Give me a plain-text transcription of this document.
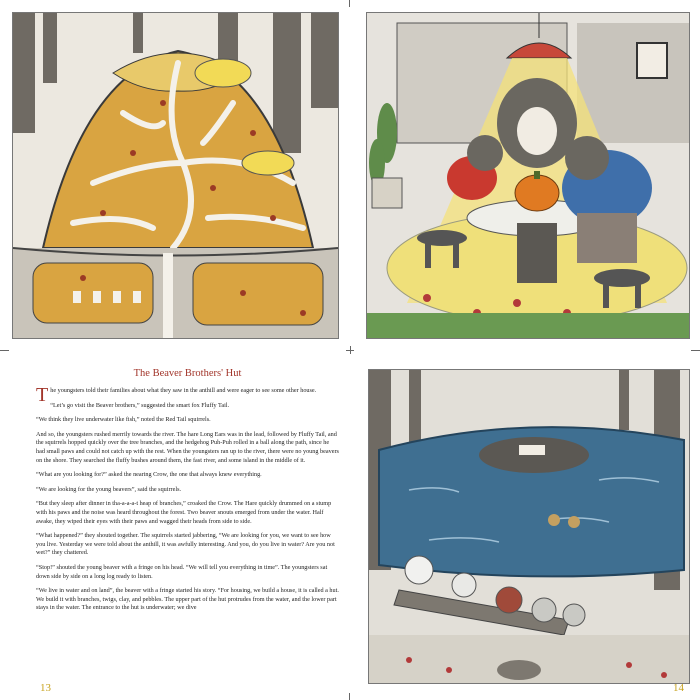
The Beaver Brothers' Hut

The youngsters told their families about what they saw in the anthill and were eager to see some other house.

“Let’s go visit the Beaver brothers,” suggested the smart fox Fluffy Tail.

“We think they live underwater like fish,” noted the Red Tail squirrels.

And so, the youngsters rushed merrily towards the river. The hare Long Ears was in the lead, followed by Fluffy Tail, and the squirrels hopped quickly over the tree branches, and the hedgehog Puh-Puh rolled in a ball along the path, since he had small paws and could not catch up with the rest. When the youngsters ran up to the river, there were no young beavers on the shore. They searched the fluffy bushes around them, the fast river, and some island in the middle of it.

“What are you looking for?” asked the nearing Crow, the one that always knew everything.

“We are looking for the young beavers”, said the squirrels.

“But they sleep after dinner in tha-a-a-a-t heap of branches,” croaked the Crow. The Hare quickly drummed on a stump with his paws and the noise was heard throughout the forest. Two beaver snouts emerged from under the water. Half awake, they wiped their eyes with their paws and wagged their heads from side to side.

“What happened?” they shouted together. The squirrels started jabbering, “We are looking for you, we want to see how you live. Yesterday we were told about the anthill, it was awfully interesting. And you, do you live in water? Are you not wet?” they chattered.

“Stop!” shouted the young beaver with a fringe on his head. “We will tell you everything in time”. The youngsters sat down side by side on a long log ready to listen.

“We live in water and on land”, the beaver with a fringe started his story. “For housing, we build a house, it is called a hut. We build it with branches, twigs, clay, and pebbles. The upper part of the hut protrudes from the water, and the lower part stays in the water. The entrance to the hut is underwater; we dive

13	14
